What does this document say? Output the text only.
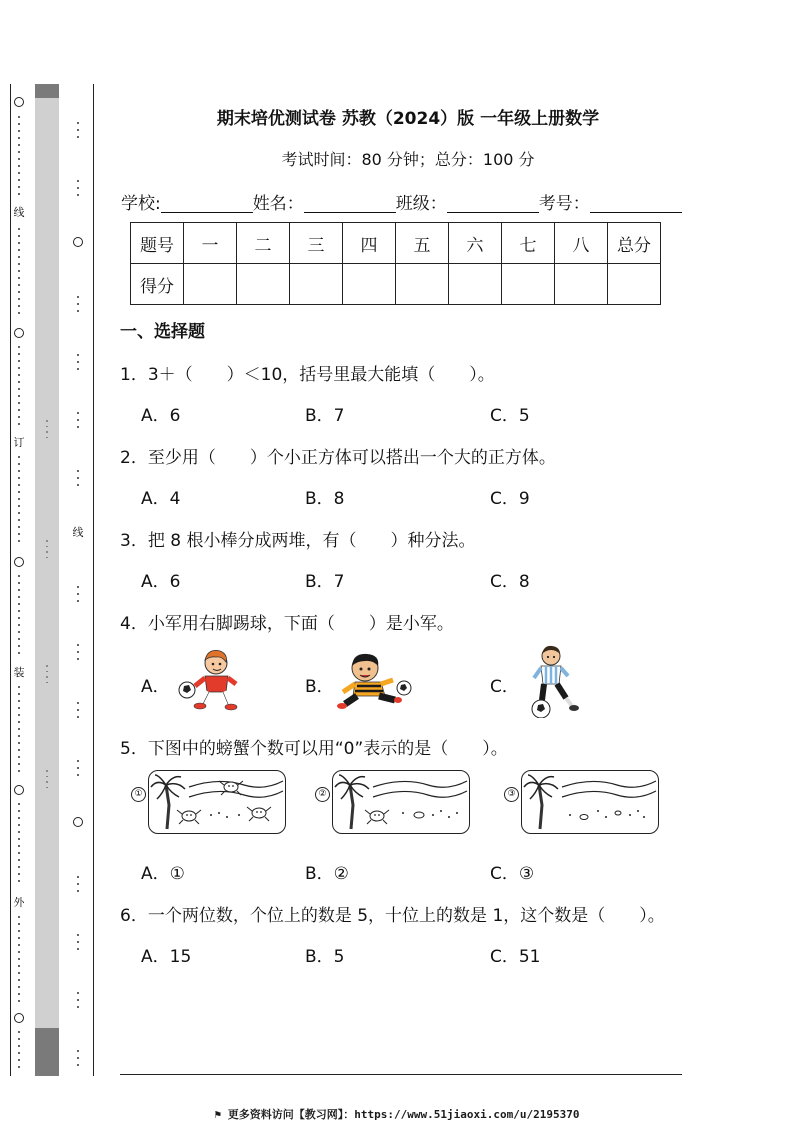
线
订
装
外
线
期末培优测试卷 苏教（2024）版 一年级上册数学
考试时间：80 分钟；总分：100 分
学校:	姓名：	班级：	考号：
题号	一	二	三	四	五	六	七	八	总分
得分									
一、选择题
1．3＋（　　）＜10，括号里最大能填（　　）。
A．6	B．7	C．5
2．至少用（　　）个小正方体可以搭出一个大的正方体。
A．4	B．8	C．9
3．把 8 根小棒分成两堆，有（　　）种分法。
A．6	B．7	C．8
4．小军用右脚踢球，下面（　　）是小军。
A．	B．	C．
5．下图中的螃蟹个数可以用“0”表示的是（　　）。
①	②	③
A．①	B．②	C．③
6．一个两位数，个位上的数是 5，十位上的数是 1，这个数是（　　）。
A．15	B．5	C．51
⚑ 更多资料访问【教习网】：https://www.51jiaoxi.com/u/2195370
